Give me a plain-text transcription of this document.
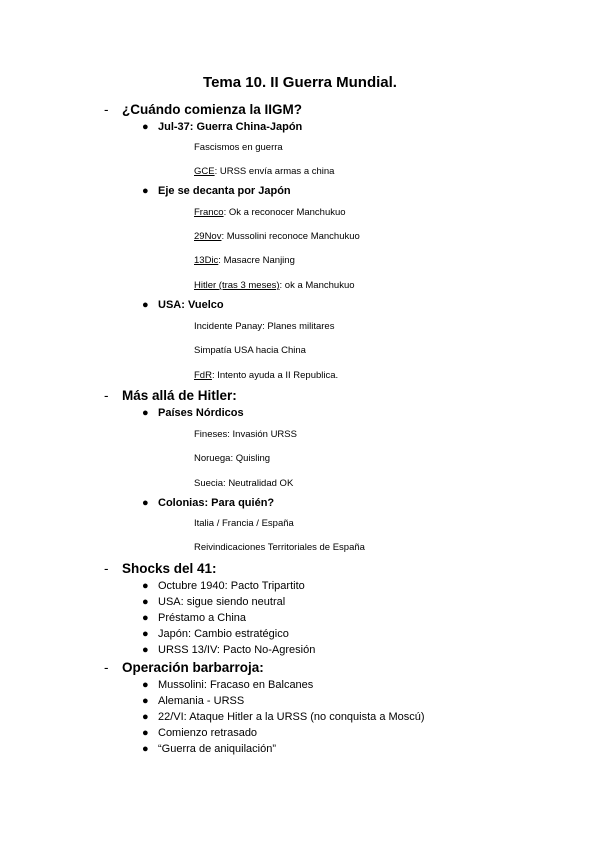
Tema 10. II Guerra Mundial.
- ¿Cuándo comienza la IIGM?
● Jul-37: Guerra China-Japón
Fascismos en guerra
GCE: URSS envía armas a china
● Eje se decanta por Japón
Franco: Ok a reconocer Manchukuo
29Nov: Mussolini reconoce Manchukuo
13Dic: Masacre Nanjing
Hitler (tras 3 meses): ok a Manchukuo
● USA: Vuelco
Incidente Panay: Planes militares
Simpatía USA hacia China
FdR: Intento ayuda a II Republica.
- Más allá de Hitler:
● Países Nórdicos
Fineses: Invasión URSS
Noruega: Quisling
Suecia: Neutralidad OK
● Colonias: Para quién?
Italia / Francia / España
Reivindicaciones Territoriales de España
- Shocks del 41:
● Octubre 1940: Pacto Tripartito
● USA: sigue siendo neutral
● Préstamo a China
● Japón: Cambio estratégico
● URSS 13/IV: Pacto No-Agresión
- Operación barbarroja:
● Mussolini: Fracaso en Balcanes
● Alemania - URSS
● 22/VI: Ataque Hitler a la URSS (no conquista a Moscú)
● Comienzo retrasado
● “Guerra de aniquilación”
